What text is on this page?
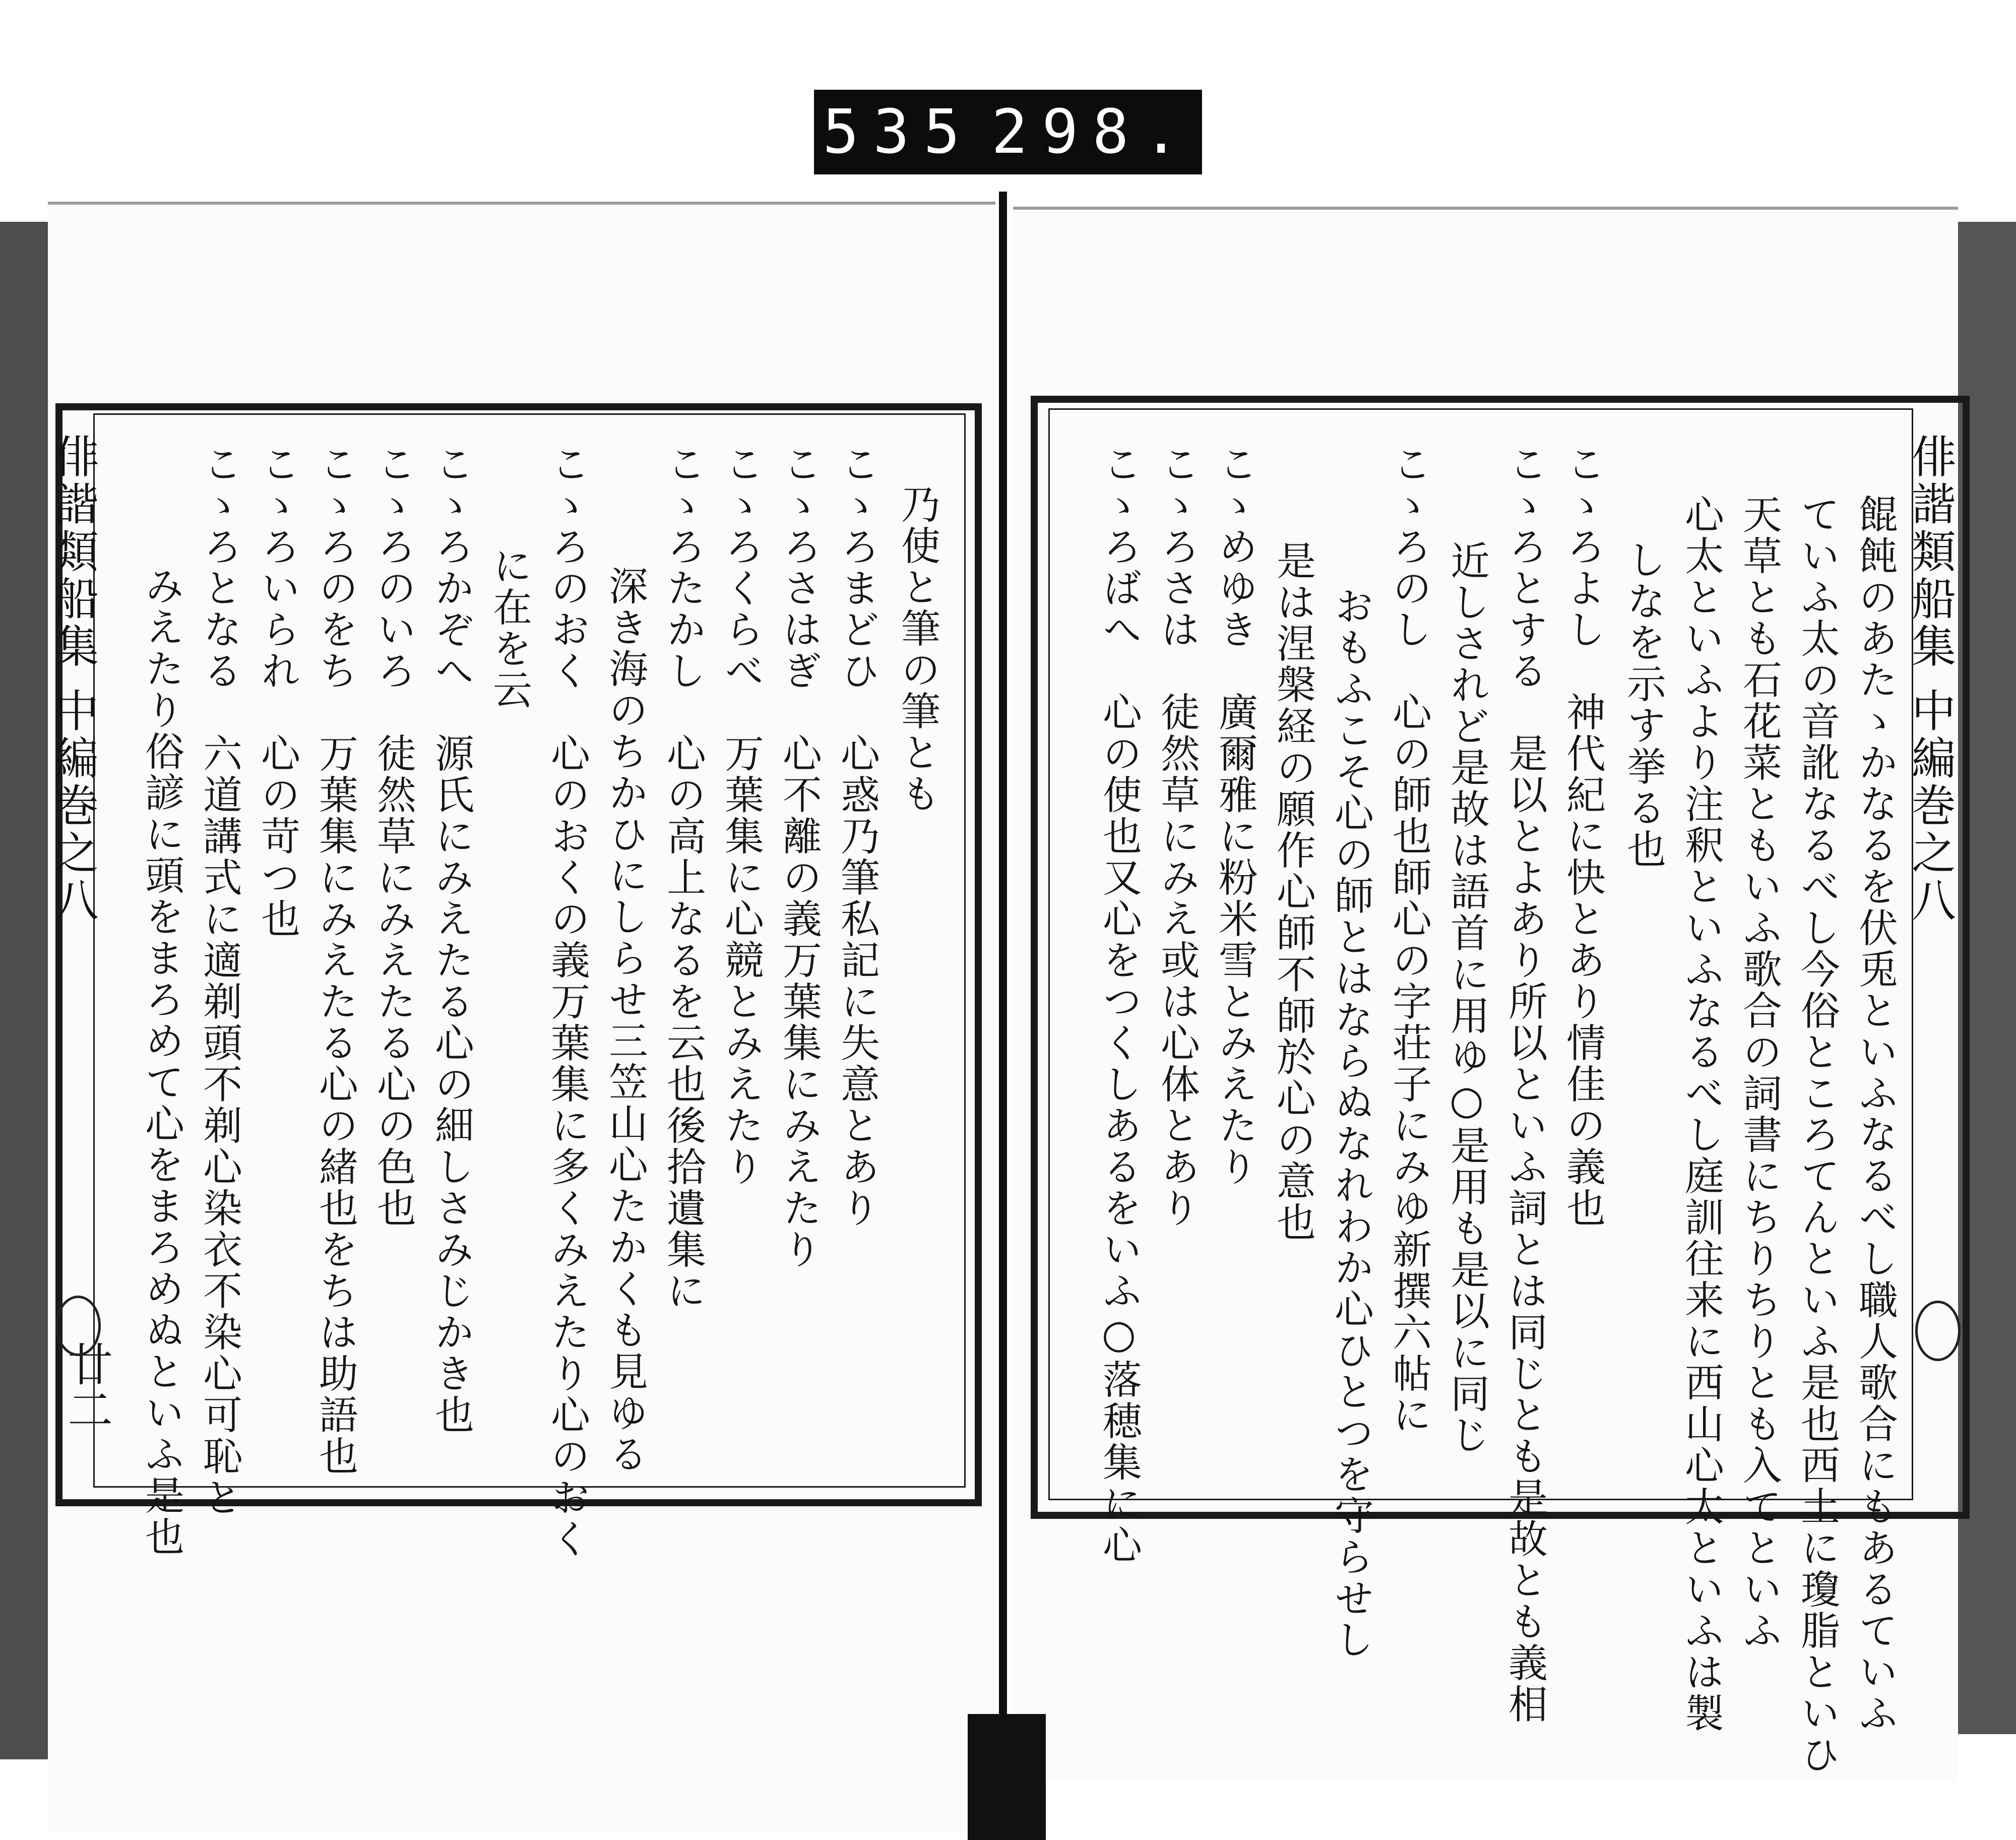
535 298.
俳諧類船集 中編巻之八
廿二
俳諧類船集 中編巻之八
乃使と筆の筆とも
こゝろまどひ　心惑乃筆私記に失意とあり
こゝろさはぎ　心不離の義万葉集にみえたり
こゝろくらべ　万葉集に心競とみえたり
こゝろたかし　心の高上なるを云也後拾遺集に
　深き海のちかひにしらせ三笠山心たかくも見ゆる
こゝろのおく　心のおくの義万葉集に多くみえたり心のおく
　に在を云
こゝろかぞへ　源氏にみえたる心の細しさみじかき也
こゝろのいろ　徒然草にみえたる心の色也
こゝろのをち　万葉集にみえたる心の緒也をちは助語也
こゝろいられ　心の苛つ也
こゝろとなる　六道講式に適剃頭不剃心染衣不染心可恥と
　みえたり俗諺に頭をまろめて心をまろめぬといふ是也	餛飩のあたゝかなるを伏兎といふなるべし職人歌合にもあるていふ
ていふ太の音訛なるべし今俗ところてんといふ是也西土に瓊脂といひ
天草とも石花菜ともいふ歌合の詞書にちりちりとも入てといふ
心太といふより注釈といふなるべし庭訓往来に西山心太といふは製
しなを示す挙る也
こゝろよし　神代紀に快とあり情佳の義也
こゝろとする　是以とよあり所以といふ詞とは同じとも是故とも義相
　近しされど是故は語首に用ゆ○是用も是以に同じ
こゝろのし　心の師也師心の字荘子にみゆ新撰六帖に
　おもふこそ心の師とはならぬなれわか心ひとつを守らせし
　是は涅槃経の願作心師不師於心の意也
こゝめゆき　廣爾雅に粉米雪とみえたり
こゝろさは　徒然草にみえ或は心体とあり
こゝろばへ　心の使也又心をつくしあるをいふ○落穂集に心
